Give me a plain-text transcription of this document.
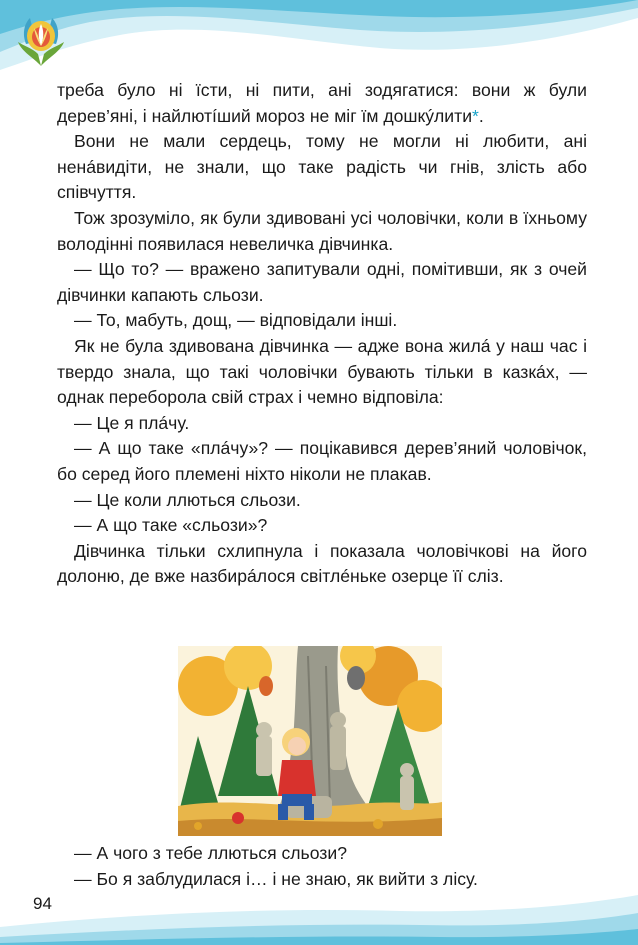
треба було ні їсти, ні пити, ані зодягатися: вони ж були дерев’яні, і найлютíший мороз не міг їм дошкýлити*.

Вони не мали сердець, тому не могли ні любити, ані ненáвидіти, не знали, що таке радість чи гнів, злість або співчуття.

Тож зрозуміло, як були здивовані усі чоловічки, коли в їхньому володінні появилася невеличка дівчинка.

— Що то? — вражено запитували одні, помітивши, як з очей дівчинки капають сльози.

— То, мабуть, дощ, — відповідали інші.

Як не була здивована дівчинка — адже вона жилá у наш час і твердо знала, що такі чоловічки бувають тільки в казкáх, — однак переборола свій страх і чемно відповіла:

— Це я плáчу.

— А що таке «плáчу»? — поцікавився дерев’яний чоловічок, бо серед його племені ніхто ніколи не плакав.

— Це коли ллються сльози.

— А що таке «сльози»?

Дівчинка тільки схлипнула і показала чоловічкові на його долоню, де вже назбирáлося світлéньке озерце її сліз.

— А чого з тебе ллються сльози?

— Бо я заблудилася і… і не знаю, як вийти з лісу.

94
